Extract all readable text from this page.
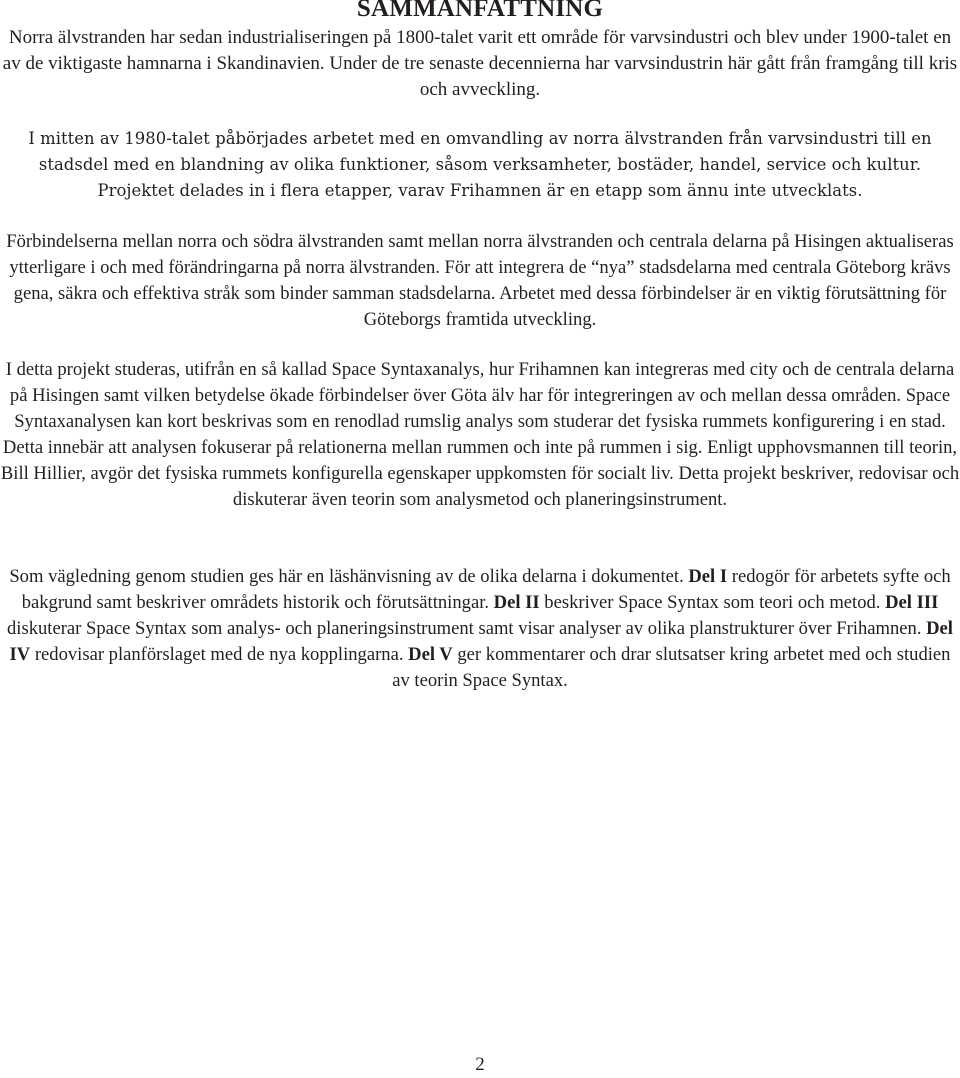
SAMMANFATTNING

Norra älvstranden har sedan industrialiseringen på 1800-talet varit ett område för varvsindustri och blev under 1900-talet en av de viktigaste hamnarna i Skandinavien. Under de tre senaste decennierna har varvsindustrin här gått från framgång till kris och avveckling.

I mitten av 1980-talet påbörjades arbetet med en omvandling av norra älvstranden från varvsindustri till en stadsdel med en blandning av olika funktioner, såsom verksamheter, bostäder, handel, service och kultur. Projektet delades in i flera etapper, varav Frihamnen är en etapp som ännu inte utvecklats.

Förbindelserna mellan norra och södra älvstranden samt mellan norra älvstranden och centrala delarna på Hisingen aktualiseras ytterligare i och med förändringarna på norra älvstranden. För att integrera de “nya” stadsdelarna med centrala Göteborg krävs gena, säkra och effektiva stråk som binder samman stadsdelarna. Arbetet med dessa förbindelser är en viktig förutsättning för Göteborgs framtida utveckling.

I detta projekt studeras, utifrån en så kallad Space Syntaxanalys, hur Frihamnen kan integreras med city och de centrala delarna på Hisingen samt vilken betydelse ökade förbindelser över Göta älv har för integreringen av och mellan dessa områden. Space Syntaxanalysen kan kort beskrivas som en renodlad rumslig analys som studerar det fysiska rummets konfigurering i en stad. Detta innebär att analysen fokuserar på relationerna mellan rummen och inte på rummen i sig. Enligt upphovsmannen till teorin, Bill Hillier, avgör det fysiska rummets konfigurella egenskaper uppkomsten för socialt liv. Detta projekt beskriver, redovisar och diskuterar även teorin som analysmetod och planeringsinstrument.

Som vägledning genom studien ges här en läshänvisning av de olika delarna i dokumentet. Del I redogör för arbetets syfte och bakgrund samt beskriver områdets historik och förutsättningar. Del II beskriver Space Syntax som teori och metod. Del III diskuterar Space Syntax som analys- och planeringsinstrument samt visar analyser av olika planstrukturer över Frihamnen. Del IV redovisar planförslaget med de nya kopplingarna. Del V ger kommentarer och drar slutsatser kring arbetet med och studien av teorin Space Syntax.

2
